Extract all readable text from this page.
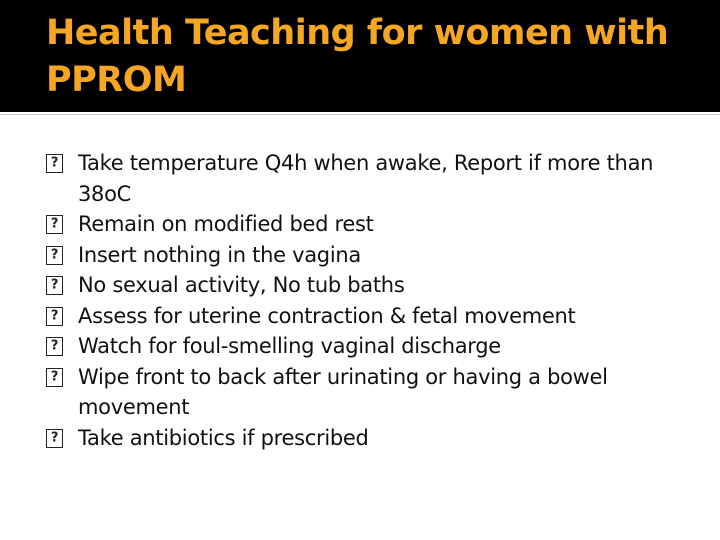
Health Teaching for women with PPROM
?
Take temperature Q4h when awake, Report if more than 38oC
?
Remain on modified bed rest
?
Insert nothing in the vagina
?
No sexual activity, No tub baths
?
Assess for uterine contraction & fetal movement
?
Watch for foul-smelling vaginal discharge
?
Wipe front to back after urinating or having a bowel movement
?
Take antibiotics if prescribed
